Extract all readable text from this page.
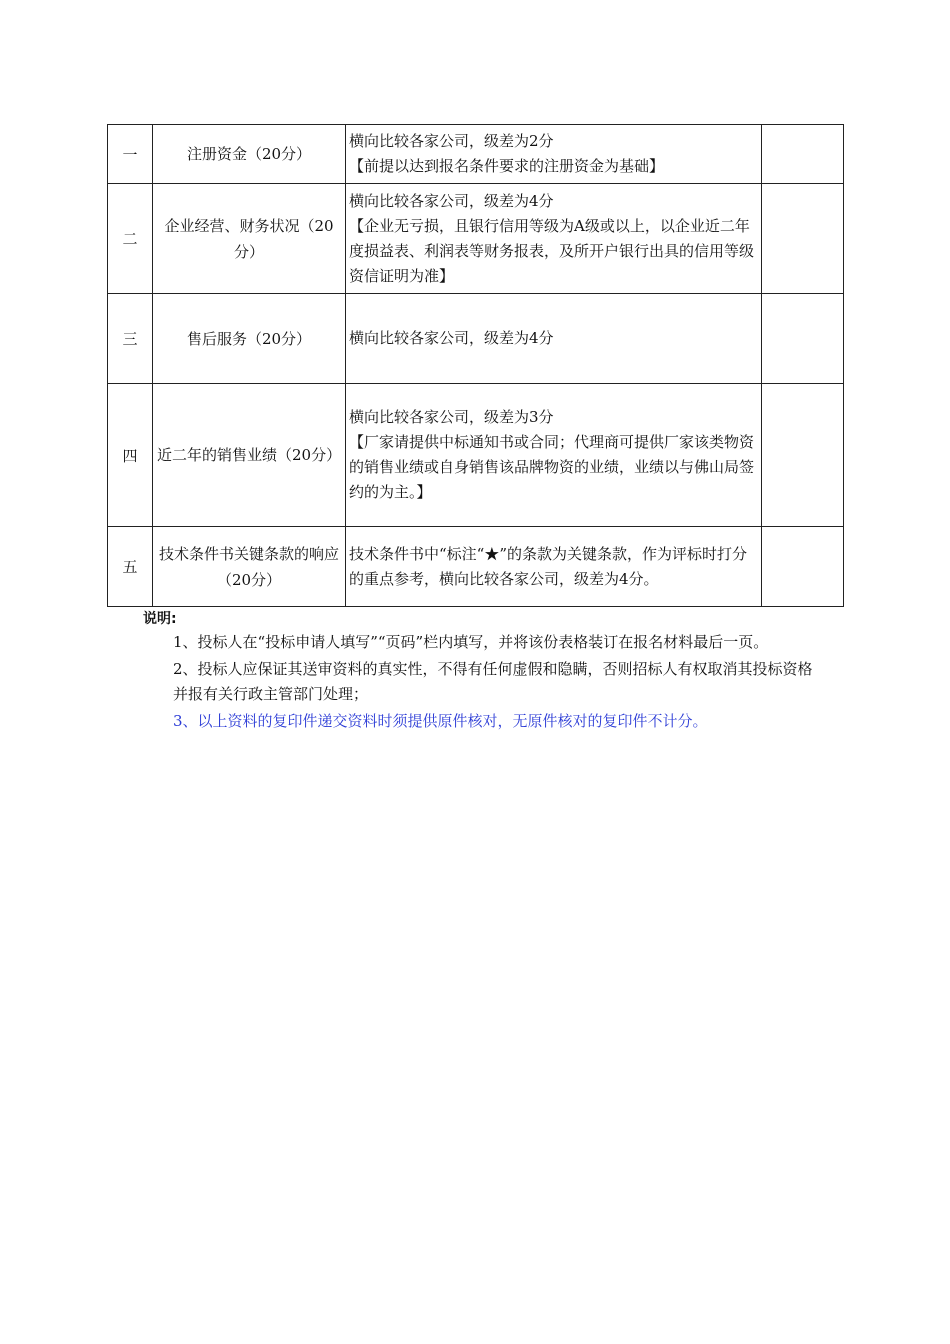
一	注册资金（20分）	横向比较各家公司，级差为2分
【前提以达到报名条件要求的注册资金为基础】	

二	企业经营、财务状况（20分）	横向比较各家公司，级差为4分
【企业无亏损，且银行信用等级为A级或以上，以企业近二年度损益表、利润表等财务报表，及所开户银行出具的信用等级资信证明为准】	

三	售后服务（20分）	横向比较各家公司，级差为4分	

四	近二年的销售业绩（20分）	横向比较各家公司，级差为3分
【厂家请提供中标通知书或合同；代理商可提供厂家该类物资的销售业绩或自身销售该品牌物资的业绩，业绩以与佛山局签约的为主。】	

五	技术条件书关键条款的响应（20分）	技术条件书中“标注“★”的条款为关键条款，作为评标时打分的重点参考，横向比较各家公司，级差为4分。	

说明:

1、投标人在“投标申请人填写”“页码”栏内填写，并将该份表格装订在报名材料最后一页。

2、投标人应保证其送审资料的真实性，不得有任何虚假和隐瞒，否则招标人有权取消其投标资格并报有关行政主管部门处理；

3、以上资料的复印件递交资料时须提供原件核对，无原件核对的复印件不计分。
